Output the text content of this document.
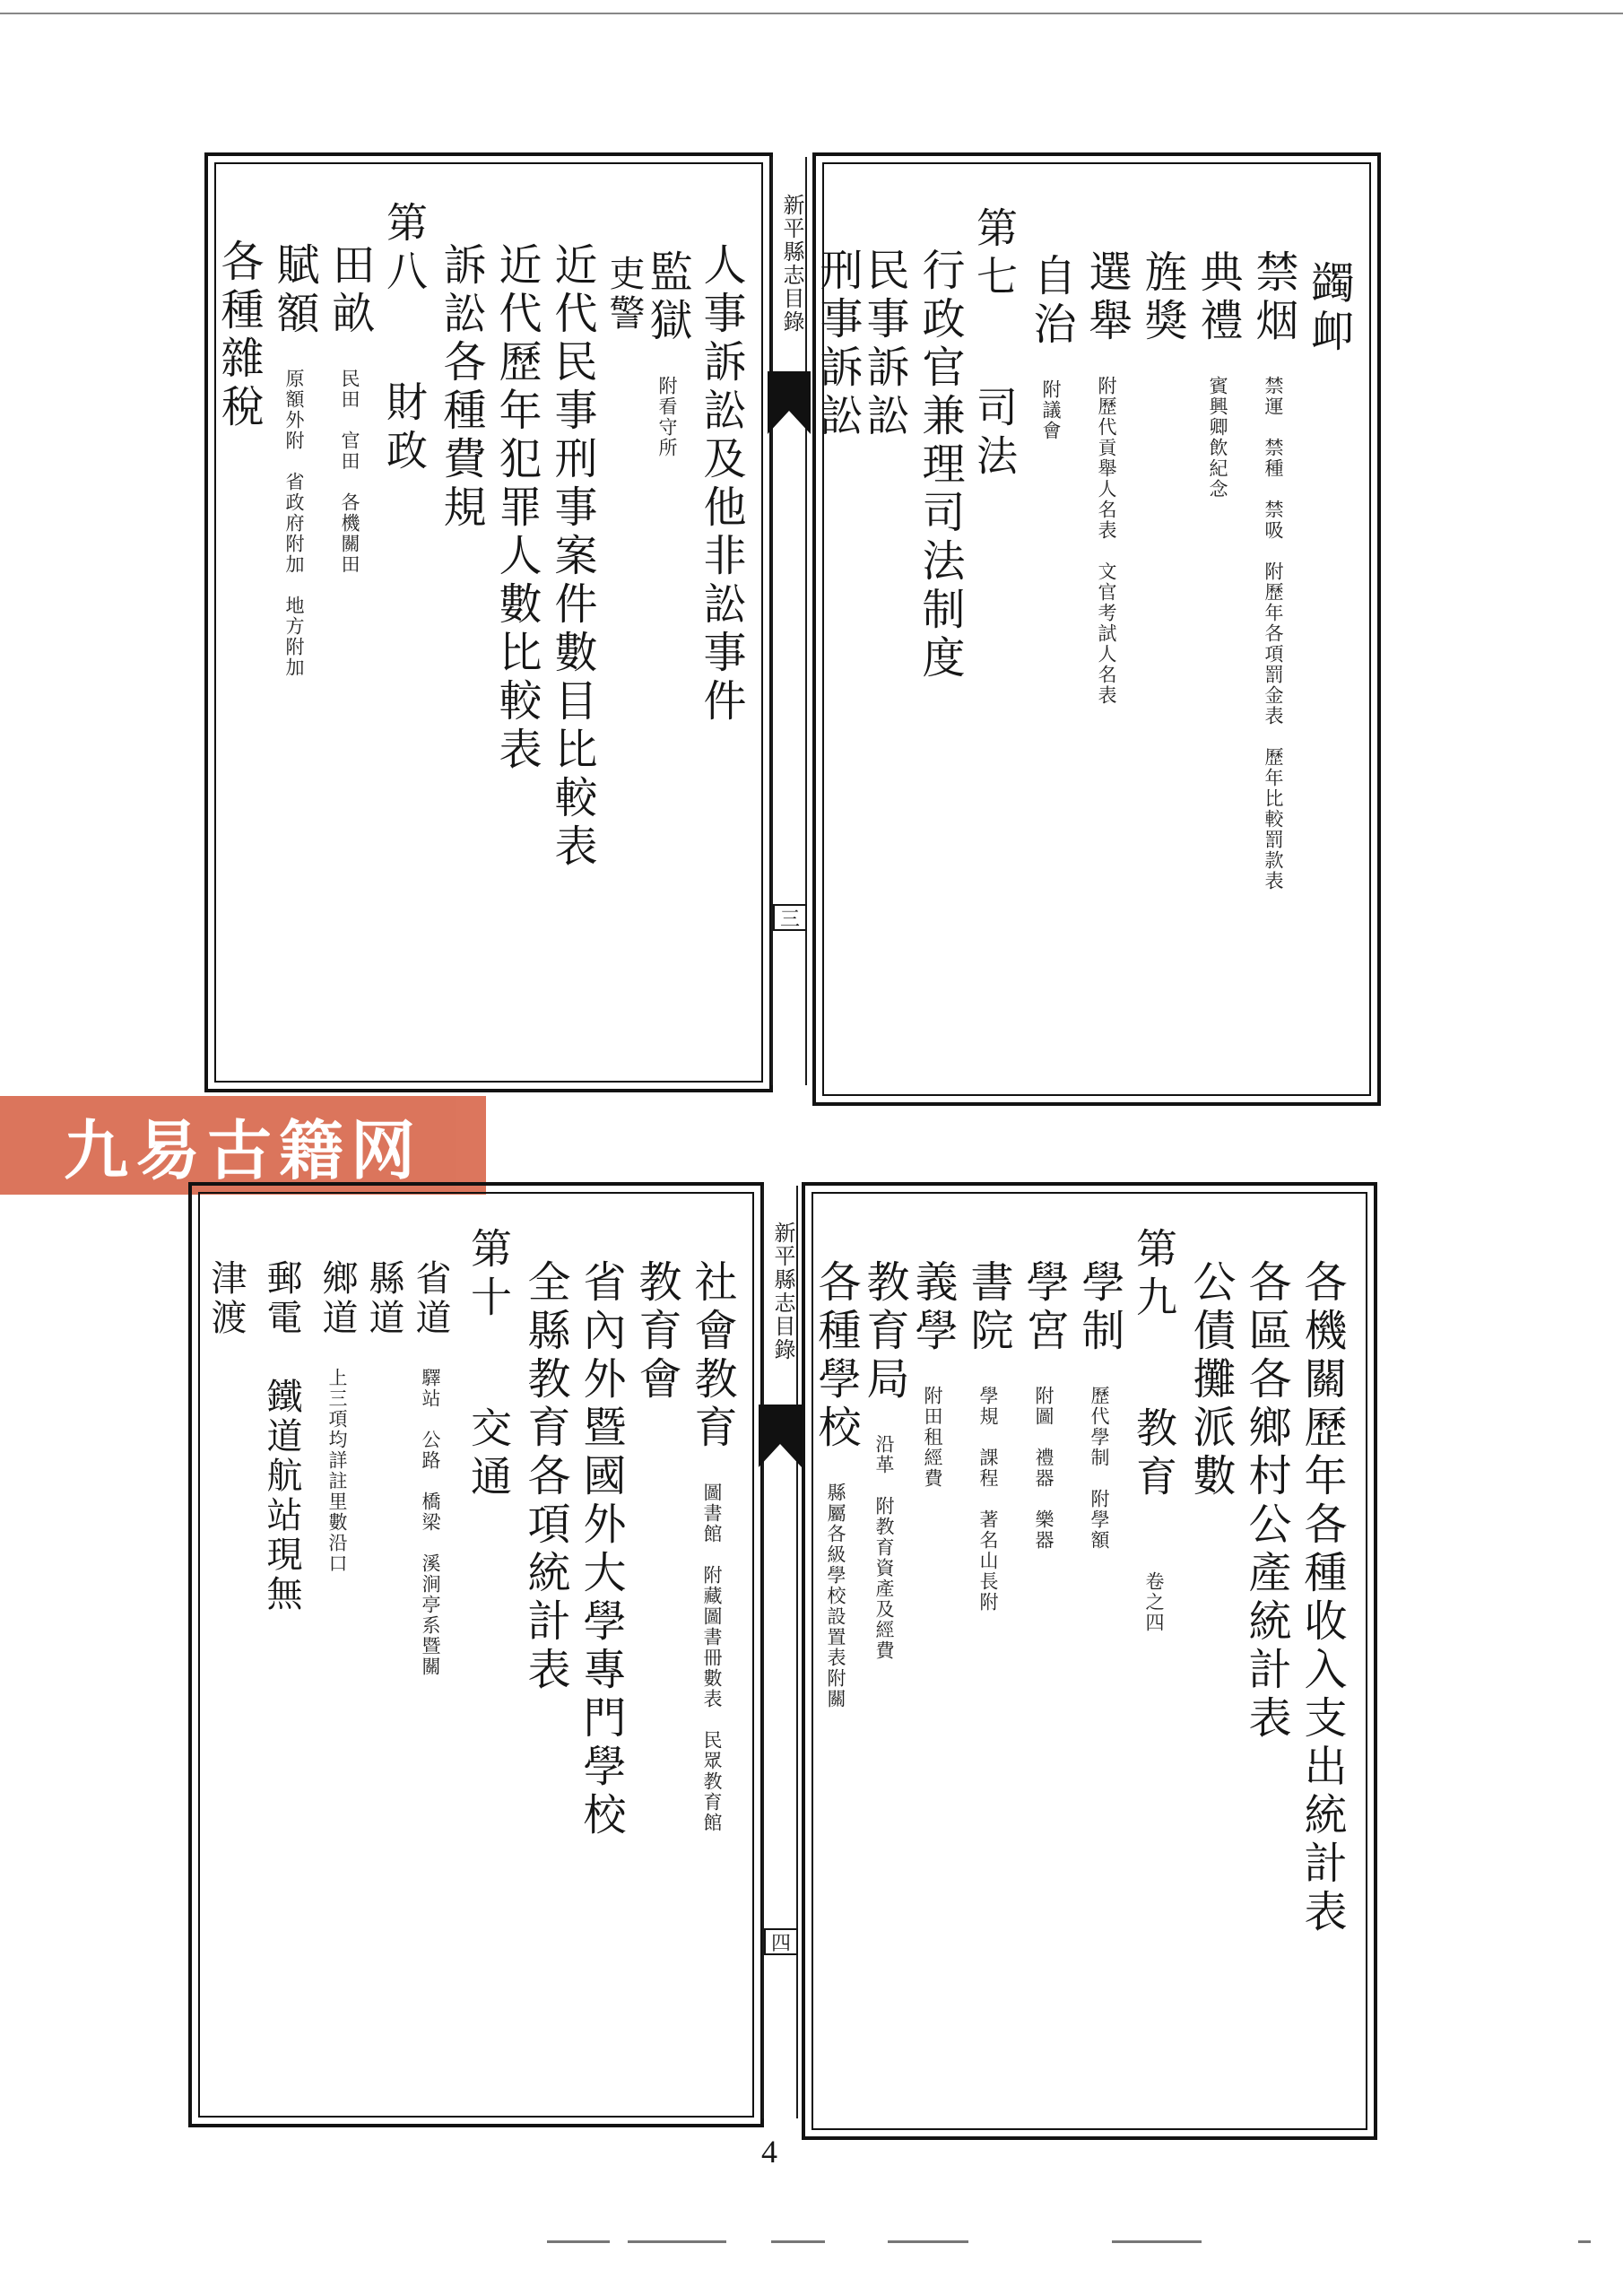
新平縣志目錄
三
蠲卹
禁烟 禁運　禁種　禁吸　附歷年各項罰金表　歷年比較罰款表
典禮 賓興卿飲紀念
旌獎
選舉 附歷代貢舉人名表　文官考試人名表
自治 附議會
第七 司法
行政官兼理司法制度
民事訴訟
刑事訴訟
人事訴訟及他非訟事件
監獄 附看守所
吏警
近代民事刑事案件數目比較表
近代歷年犯罪人數比較表
訴訟各種費規
第八 財政
田畝 民田　官田　各機關田
賦額 原額外附　省政府附加　地方附加
各種雜稅
九易古籍网
新平縣志目錄
四
各機關歷年各種收入支出統計表
各區各鄉村公產統計表
公債攤派數
第九 教育 卷之四
學制 歷代學制　附學額
學宮 附圖　禮器　樂器
書院 學規　課程　著名山長附
義學 附田租經費
教育局 沿革　附教育資產及經費
各種學校 縣屬各級學校設置表附關
社會教育 圖書館　附藏圖書冊數表　民眾教育館
教育會
省內外暨國外大學專門學校
全縣教育各項統計表
第十 交通
省道 驛站　公路　橋梁　溪涧亭系暨關
縣道
鄉道 上三項均詳註里數沿口
郵電　鐵道航站現無
津渡
4
